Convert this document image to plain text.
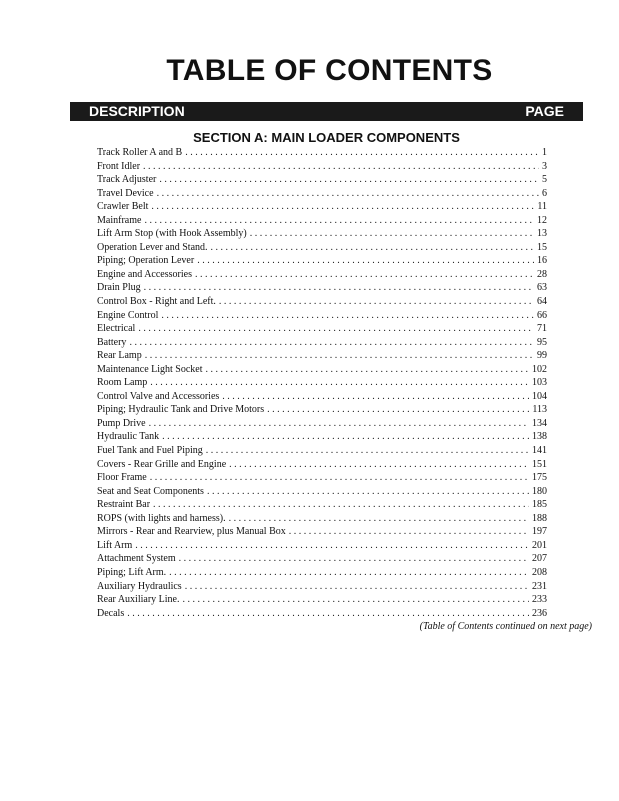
TABLE OF CONTENTS
DESCRIPTION	PAGE
SECTION A: MAIN LOADER COMPONENTS
Track Roller A and B . . .	1
Front Idler . . .	3
Track Adjuster . . .	5
Travel Device . . .	6
Crawler Belt . . .	11
Mainframe . . .	12
Lift Arm Stop (with Hook Assembly) . . .	13
Operation Lever and Stand. . . .	15
Piping; Operation Lever . . .	16
Engine and Accessories . . .	28
Drain Plug . . .	63
Control Box - Right and Left. . . .	64
Engine Control . . .	66
Electrical . . .	71
Battery . . .	95
Rear Lamp . . .	99
Maintenance Light Socket . . .	102
Room Lamp . . .	103
Control Valve and Accessories . . .	104
Piping; Hydraulic Tank and Drive Motors . . .	113
Pump Drive . . .	134
Hydraulic Tank . . .	138
Fuel Tank and Fuel Piping . . .	141
Covers - Rear Grille and Engine . . .	151
Floor Frame . . .	175
Seat and Seat Components . . .	180
Restraint Bar . . .	185
ROPS (with lights and harness). . . .	188
Mirrors - Rear and Rearview, plus Manual Box . . .	197
Lift Arm . . .	201
Attachment System . . .	207
Piping; Lift Arm. . . .	208
Auxiliary Hydraulics . . .	231
Rear Auxiliary Line. . . .	233
Decals . . .	236
(Table of Contents continued on next page)
